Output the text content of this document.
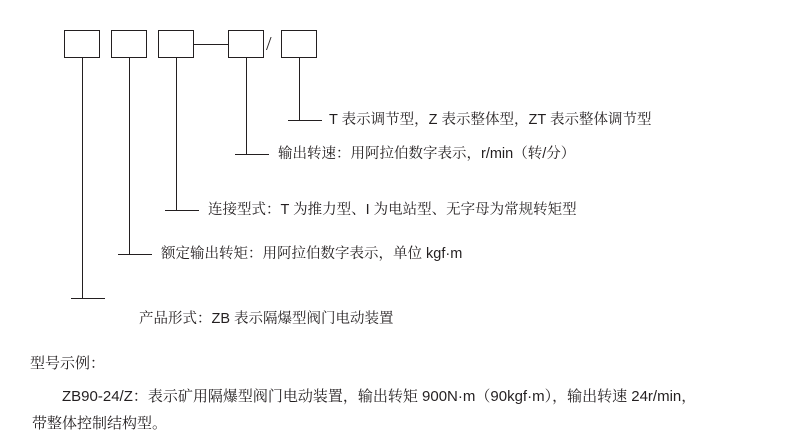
/
T 表示调节型，Z 表示整体型，ZT 表示整体调节型
输出转速：用阿拉伯数字表示，r/min（转/分）
连接型式：T 为推力型、I 为电站型、无字母为常规转矩型
额定输出转矩：用阿拉伯数字表示，单位 kgf·m
产品形式：ZB 表示隔爆型阀门电动装置
型号示例：
ZB90-24/Z：表示矿用隔爆型阀门电动装置，输出转矩 900N·m（90kgf·m），输出转速 24r/min，
带整体控制结构型。
